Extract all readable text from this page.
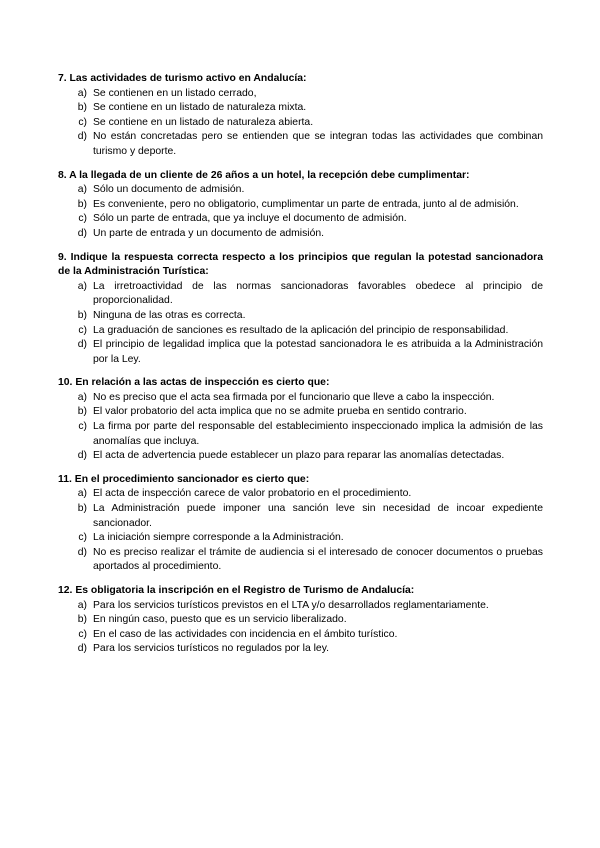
7. Las actividades de turismo activo en Andalucía:
a) Se contienen en un listado cerrado,
b) Se contiene en un listado de naturaleza mixta.
c) Se contiene en un listado de naturaleza abierta.
d) No están concretadas pero se entienden que se integran todas las actividades que combinan turismo y deporte.
8. A la llegada de un cliente de 26 años a un hotel, la recepción debe cumplimentar:
a) Sólo un documento de admisión.
b) Es conveniente, pero no obligatorio, cumplimentar un parte de entrada, junto al de admisión.
c) Sólo un parte de entrada, que ya incluye el documento de admisión.
d) Un parte de entrada y un documento de admisión.
9. Indique la respuesta correcta respecto a los principios que regulan la potestad sancionadora de la Administración Turística:
a) La irretroactividad de las normas sancionadoras favorables obedece al principio de proporcionalidad.
b) Ninguna de las otras es correcta.
c) La graduación de sanciones es resultado de la aplicación del principio de responsabilidad.
d) El principio de legalidad implica que la potestad sancionadora le es atribuida a la Administración por la Ley.
10. En relación a las actas de inspección es cierto que:
a) No es preciso que el acta sea firmada por el funcionario que lleve a cabo la inspección.
b) El valor probatorio del acta implica que no se admite prueba en sentido contrario.
c) La firma por parte del responsable del establecimiento inspeccionado implica la admisión de las anomalías que incluya.
d) El acta de advertencia puede establecer un plazo para reparar las anomalías detectadas.
11. En el procedimiento sancionador es cierto que:
a) El acta de inspección carece de valor probatorio en el procedimiento.
b) La Administración puede imponer una sanción leve sin necesidad de incoar expediente sancionador.
c) La iniciación siempre corresponde a la Administración.
d) No es preciso realizar el trámite de audiencia si el interesado de conocer documentos o pruebas aportados al procedimiento.
12. Es obligatoria la inscripción en el Registro de Turismo de Andalucía:
a) Para los servicios turísticos previstos en el LTA y/o desarrollados reglamentariamente.
b) En ningún caso, puesto que es un servicio liberalizado.
c) En el caso de las actividades con incidencia en el ámbito turístico.
d) Para los servicios turísticos no regulados por la ley.
